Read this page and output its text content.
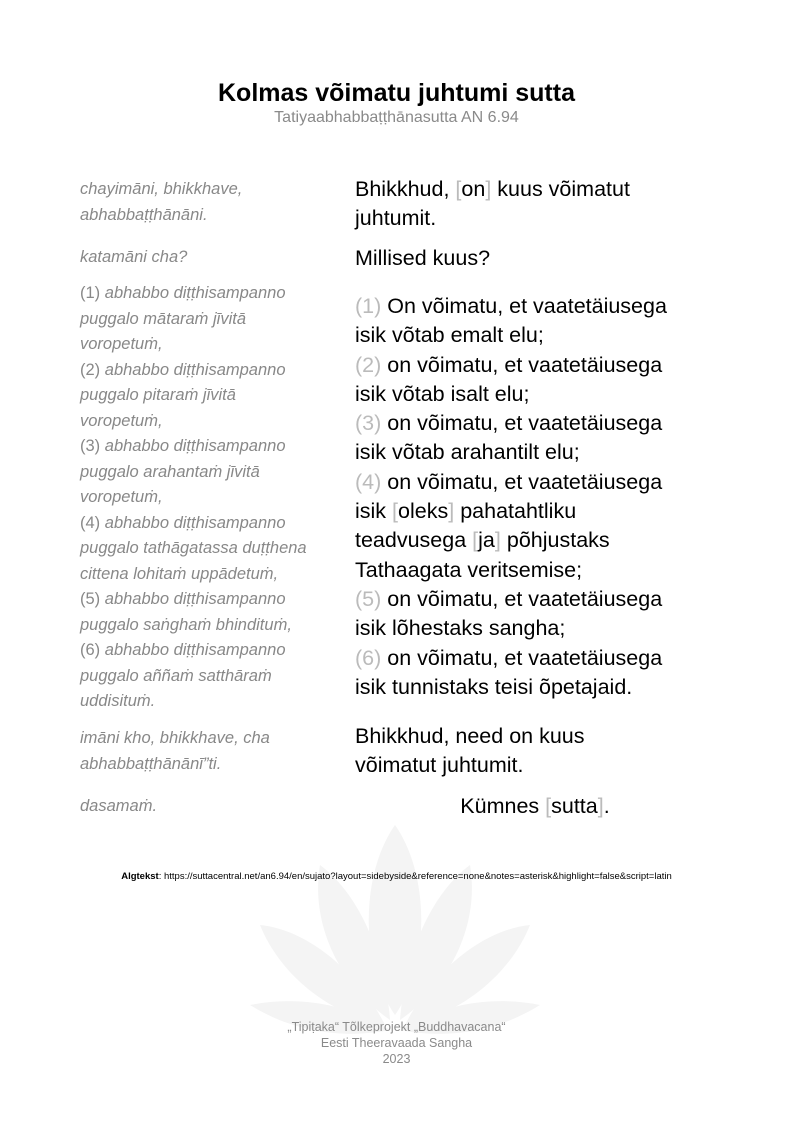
Kolmas võimatu juhtumi sutta

Tatiyaabhabbaṭṭhānasutta AN 6.94

chayimāni, bhikkhave,
abhabbaṭṭhānāni.
katamāni cha?
(1) abhabbo diṭṭhisampanno
puggalo mātaraṁ jīvitā
voropetuṁ,
(2) abhabbo diṭṭhisampanno
puggalo pitaraṁ jīvitā
voropetuṁ,
(3) abhabbo diṭṭhisampanno
puggalo arahantaṁ jīvitā
voropetuṁ,
(4) abhabbo diṭṭhisampanno
puggalo tathāgatassa duṭṭhena
cittena lohitaṁ uppādetuṁ,
(5) abhabbo diṭṭhisampanno
puggalo saṅghaṁ bhindituṁ,
(6) abhabbo diṭṭhisampanno
puggalo aññaṁ satthāraṁ
uddisituṁ.
imāni kho, bhikkhave, cha
abhabbaṭṭhānānī”ti.
dasamaṁ.
Bhikkhud, [on] kuus võimatut
juhtumit.
Millised kuus?
(1) On võimatu, et vaatetäiusega
isik võtab emalt elu;
(2) on võimatu, et vaatetäiusega
isik võtab isalt elu;
(3) on võimatu, et vaatetäiusega
isik võtab arahantilt elu;
(4) on võimatu, et vaatetäiusega
isik [oleks] pahatahtliku
teadvusega [ja] põhjustaks
Tathaagata veritsemise;
(5) on võimatu, et vaatetäiusega
isik lõhestaks sangha;
(6) on võimatu, et vaatetäiusega
isik tunnistaks teisi õpetajaid.
Bhikkhud, need on kuus
võimatut juhtumit.
Kümnes [sutta].
Algtekst: https://suttacentral.net/an6.94/en/sujato?layout=sidebyside&reference=none&notes=asterisk&highlight=false&script=latin
„Tipiṭaka“ Tõlkeprojekt „Buddhavacana“
Eesti Theeravaada Sangha
2023
